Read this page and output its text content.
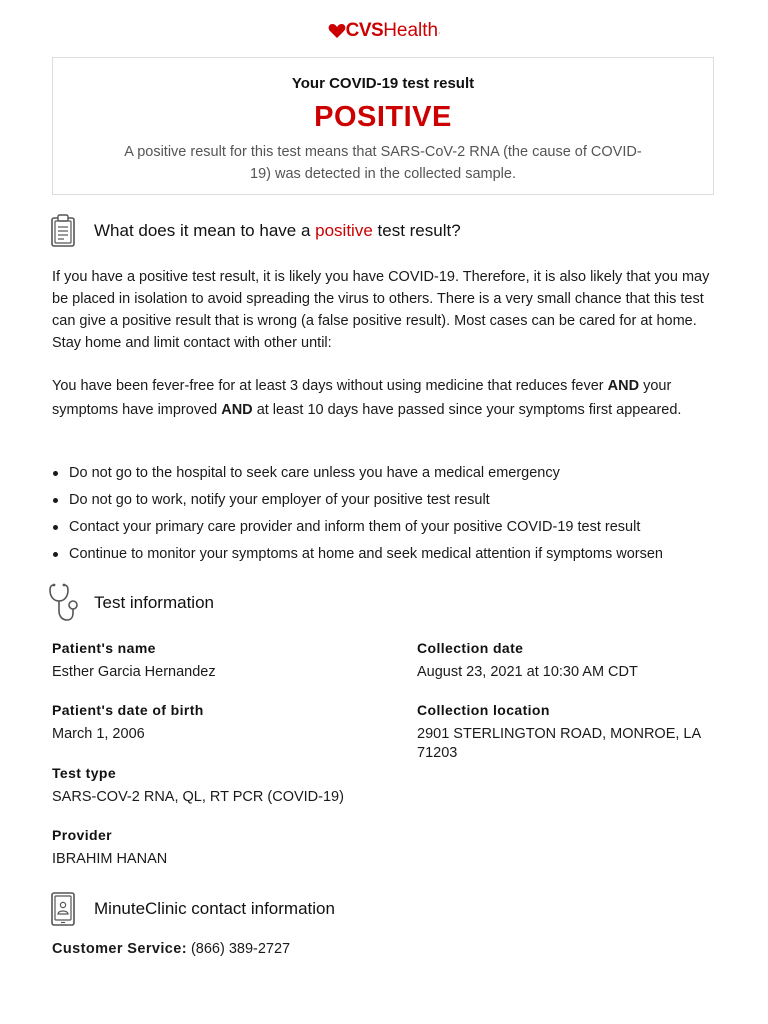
CVSHealth.
Your COVID-19 test result
POSITIVE
A positive result for this test means that SARS-CoV-2 RNA (the cause of COVID-19) was detected in the collected sample.
What does it mean to have a positive test result?
If you have a positive test result, it is likely you have COVID-19. Therefore, it is also likely that you may be placed in isolation to avoid spreading the virus to others. There is a very small chance that this test can give a positive result that is wrong (a false positive result). Most cases can be cared for at home. Stay home and limit contact with other until:
You have been fever-free for at least 3 days without using medicine that reduces fever AND your symptoms have improved AND at least 10 days have passed since your symptoms first appeared.
Do not go to the hospital to seek care unless you have a medical emergency
Do not go to work, notify your employer of your positive test result
Contact your primary care provider and inform them of your positive COVID-19 test result
Continue to monitor your symptoms at home and seek medical attention if symptoms worsen
Test information
Patient's name
Esther Garcia Hernandez
Patient's date of birth
March 1, 2006
Test type
SARS-COV-2 RNA, QL, RT PCR (COVID-19)
Provider
IBRAHIM HANAN
Collection date
August 23, 2021 at 10:30 AM CDT
Collection location
2901 STERLINGTON ROAD, MONROE, LA 71203
MinuteClinic contact information
Customer Service: (866) 389-2727
